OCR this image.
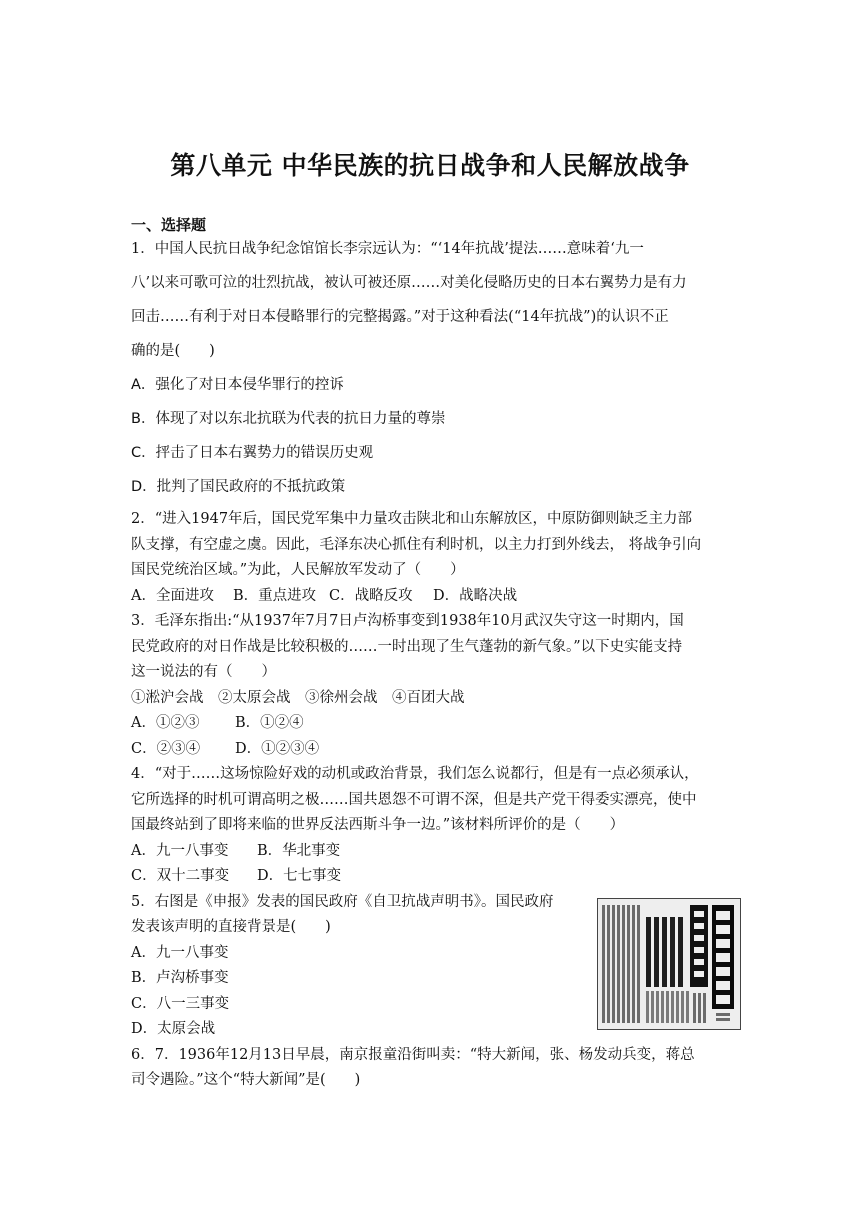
第八单元 中华民族的抗日战争和人民解放战争
一、选择题
1．中国人民抗日战争纪念馆馆长李宗远认为：“‘14年抗战’提法……意味着‘九一
八’以来可歌可泣的壮烈抗战，被认可被还原……对美化侵略历史的日本右翼势力是有力
回击……有利于对日本侵略罪行的完整揭露。”对于这种看法(“14年抗战”)的认识不正
确的是(　　)
A．强化了对日本侵华罪行的控诉
B．体现了对以东北抗联为代表的抗日力量的尊崇
C．抨击了日本右翼势力的错误历史观
D．批判了国民政府的不抵抗政策
2．“进入1947年后，国民党军集中力量攻击陕北和山东解放区，中原防御则缺乏主力部
队支撑，有空虚之虞。因此，毛泽东决心抓住有利时机，以主力打到外线去， 将战争引向
国民党统治区域。”为此，人民解放军发动了（　　）
A．全面进攻 B．重点进攻 C．战略反攻 D．战略决战
3．毛泽东指出:“从1937年7月7日卢沟桥事变到1938年10月武汉失守这一时期内，国
民党政府的对日作战是比较积极的……一时出现了生气蓬勃的新气象。”以下史实能支持
这一说法的有（　　）
①淞沪会战　②太原会战　③徐州会战　④百团大战
A．①②③ B．①②④
C．②③④ D．①②③④
4．“对于……这场惊险好戏的动机或政治背景，我们怎么说都行，但是有一点必须承认，
它所选择的时机可谓高明之极……国共恩怨不可谓不深，但是共产党干得委实漂亮，使中
国最终站到了即将来临的世界反法西斯斗争一边。”该材料所评价的是（　　）
A．九一八事变 B．华北事变
C．双十二事变 D．七七事变
5．右图是《申报》发表的国民政府《自卫抗战声明书》。国民政府
发表该声明的直接背景是(　　)
A．九一八事变
B．卢沟桥事变
C．八一三事变
D．太原会战
6．7．1936年12月13日早晨，南京报童沿街叫卖：“特大新闻，张、杨发动兵变，蒋总
司令遇险。”这个“特大新闻”是(　　)
